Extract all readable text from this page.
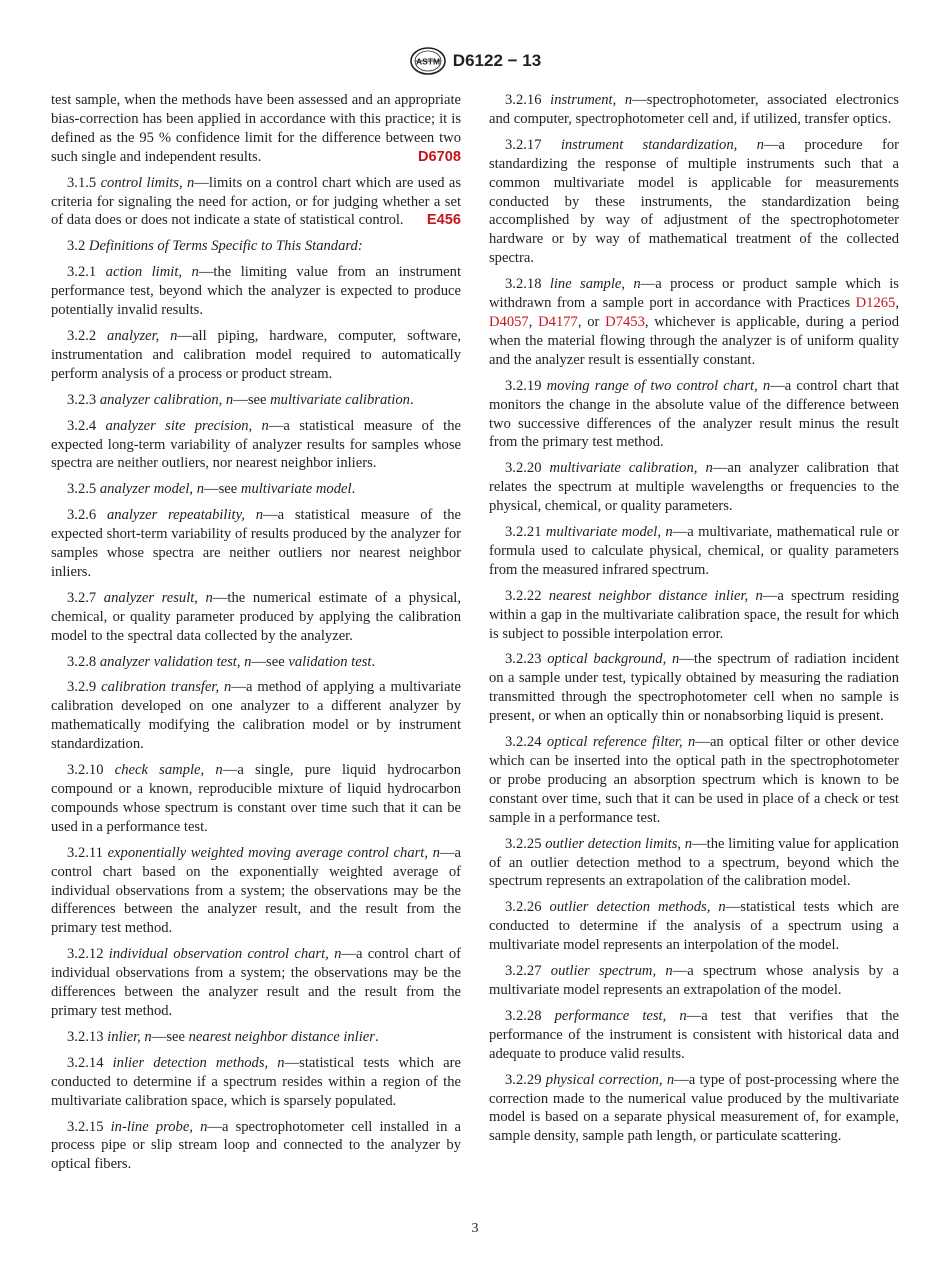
ASTM D6122 − 13

test sample, when the methods have been assessed and an appropriate bias-correction has been applied in accordance with this practice; it is defined as the 95 % confidence limit for the difference between two such single and independent results.	D6708

3.1.5 control limits, n—limits on a control chart which are used as criteria for signaling the need for action, or for judging whether a set of data does or does not indicate a state of statistical control.	E456

3.2 Definitions of Terms Specific to This Standard:

3.2.1 action limit, n—the limiting value from an instrument performance test, beyond which the analyzer is expected to produce potentially invalid results.

3.2.2 analyzer, n—all piping, hardware, computer, software, instrumentation and calibration model required to automatically perform analysis of a process or product stream.

3.2.3 analyzer calibration, n—see multivariate calibration.

3.2.4 analyzer site precision, n—a statistical measure of the expected long-term variability of analyzer results for samples whose spectra are neither outliers, nor nearest neighbor inliers.

3.2.5 analyzer model, n—see multivariate model.

3.2.6 analyzer repeatability, n—a statistical measure of the expected short-term variability of results produced by the analyzer for samples whose spectra are neither outliers nor nearest neighbor inliers.

3.2.7 analyzer result, n—the numerical estimate of a physical, chemical, or quality parameter produced by applying the calibration model to the spectral data collected by the analyzer.

3.2.8 analyzer validation test, n—see validation test.

3.2.9 calibration transfer, n—a method of applying a multivariate calibration developed on one analyzer to a different analyzer by mathematically modifying the calibration model or by instrument standardization.

3.2.10 check sample, n—a single, pure liquid hydrocarbon compound or a known, reproducible mixture of liquid hydrocarbon compounds whose spectrum is constant over time such that it can be used in a performance test.

3.2.11 exponentially weighted moving average control chart, n—a control chart based on the exponentially weighted average of individual observations from a system; the observations may be the differences between the analyzer result, and the result from the primary test method.

3.2.12 individual observation control chart, n—a control chart of individual observations from a system; the observations may be the differences between the analyzer result and the result from the primary test method.

3.2.13 inlier, n—see nearest neighbor distance inlier.

3.2.14 inlier detection methods, n—statistical tests which are conducted to determine if a spectrum resides within a region of the multivariate calibration space, which is sparsely populated.

3.2.15 in-line probe, n—a spectrophotometer cell installed in a process pipe or slip stream loop and connected to the analyzer by optical fibers.

3.2.16 instrument, n—spectrophotometer, associated electronics and computer, spectrophotometer cell and, if utilized, transfer optics.

3.2.17 instrument standardization, n—a procedure for standardizing the response of multiple instruments such that a common multivariate model is applicable for measurements conducted by these instruments, the standardization being accomplished by way of adjustment of the spectrophotometer hardware or by way of mathematical treatment of the collected spectra.

3.2.18 line sample, n—a process or product sample which is withdrawn from a sample port in accordance with Practices D1265, D4057, D4177, or D7453, whichever is applicable, during a period when the material flowing through the analyzer is of uniform quality and the analyzer result is essentially constant.

3.2.19 moving range of two control chart, n—a control chart that monitors the change in the absolute value of the difference between two successive differences of the analyzer result minus the result from the primary test method.

3.2.20 multivariate calibration, n—an analyzer calibration that relates the spectrum at multiple wavelengths or frequencies to the physical, chemical, or quality parameters.

3.2.21 multivariate model, n—a multivariate, mathematical rule or formula used to calculate physical, chemical, or quality parameters from the measured infrared spectrum.

3.2.22 nearest neighbor distance inlier, n—a spectrum residing within a gap in the multivariate calibration space, the result for which is subject to possible interpolation error.

3.2.23 optical background, n—the spectrum of radiation incident on a sample under test, typically obtained by measuring the radiation transmitted through the spectrophotometer cell when no sample is present, or when an optically thin or nonabsorbing liquid is present.

3.2.24 optical reference filter, n—an optical filter or other device which can be inserted into the optical path in the spectrophotometer or probe producing an absorption spectrum which is known to be constant over time, such that it can be used in place of a check or test sample in a performance test.

3.2.25 outlier detection limits, n—the limiting value for application of an outlier detection method to a spectrum, beyond which the spectrum represents an extrapolation of the calibration model.

3.2.26 outlier detection methods, n—statistical tests which are conducted to determine if the analysis of a spectrum using a multivariate model represents an interpolation of the model.

3.2.27 outlier spectrum, n—a spectrum whose analysis by a multivariate model represents an extrapolation of the model.

3.2.28 performance test, n—a test that verifies that the performance of the instrument is consistent with historical data and adequate to produce valid results.

3.2.29 physical correction, n—a type of post-processing where the correction made to the numerical value produced by the multivariate model is based on a separate physical measurement of, for example, sample density, sample path length, or particulate scattering.

3
